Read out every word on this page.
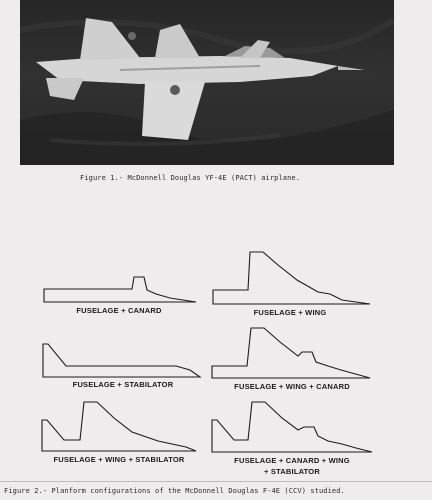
Figure 1.- McDonnell Douglas YF-4E (PACT) airplane.

FUSELAGE + CANARD	FUSELAGE + WING
FUSELAGE + STABILATOR	FUSELAGE + WING + CANARD
FUSELAGE + WING + STABILATOR	FUSELAGE + CANARD + WING
+ STABILATOR

Figure 2.- Planform configurations of the McDonnell Douglas F-4E (CCV) studied.
